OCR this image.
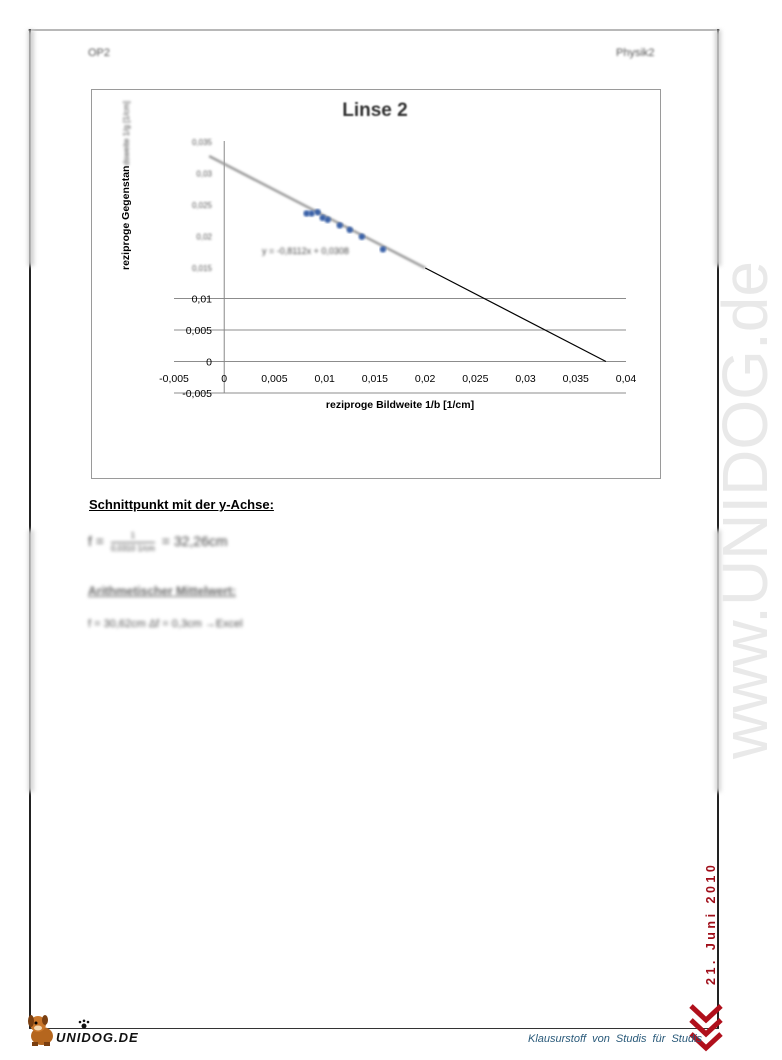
www.UNIDOG.de
OP2	Physik2
-0,005	0	0,005	0,01	0,015	0,02	0,025	0,03	0,035	0,04
-0,005
0
0,005
0,01
0,015
0,02
0,025
0,03
0,035
Linse 2
reziproge Gegenstandsweite 1/g [1/cm]
reziproge Bildweite 1/b [1/cm]
y = -0,8112x + 0,0308
Schnittpunkt mit der y-Achse:
$f = \frac{1}{0,0310 1/cm} = 32,26cm$
Arithmetischer Mittelwert:
f = 30,62cm Δf = 0,3cm →Excel
21. Juni 2010
UNIDOG.DE	Klausurstoff von Studis für Studis
